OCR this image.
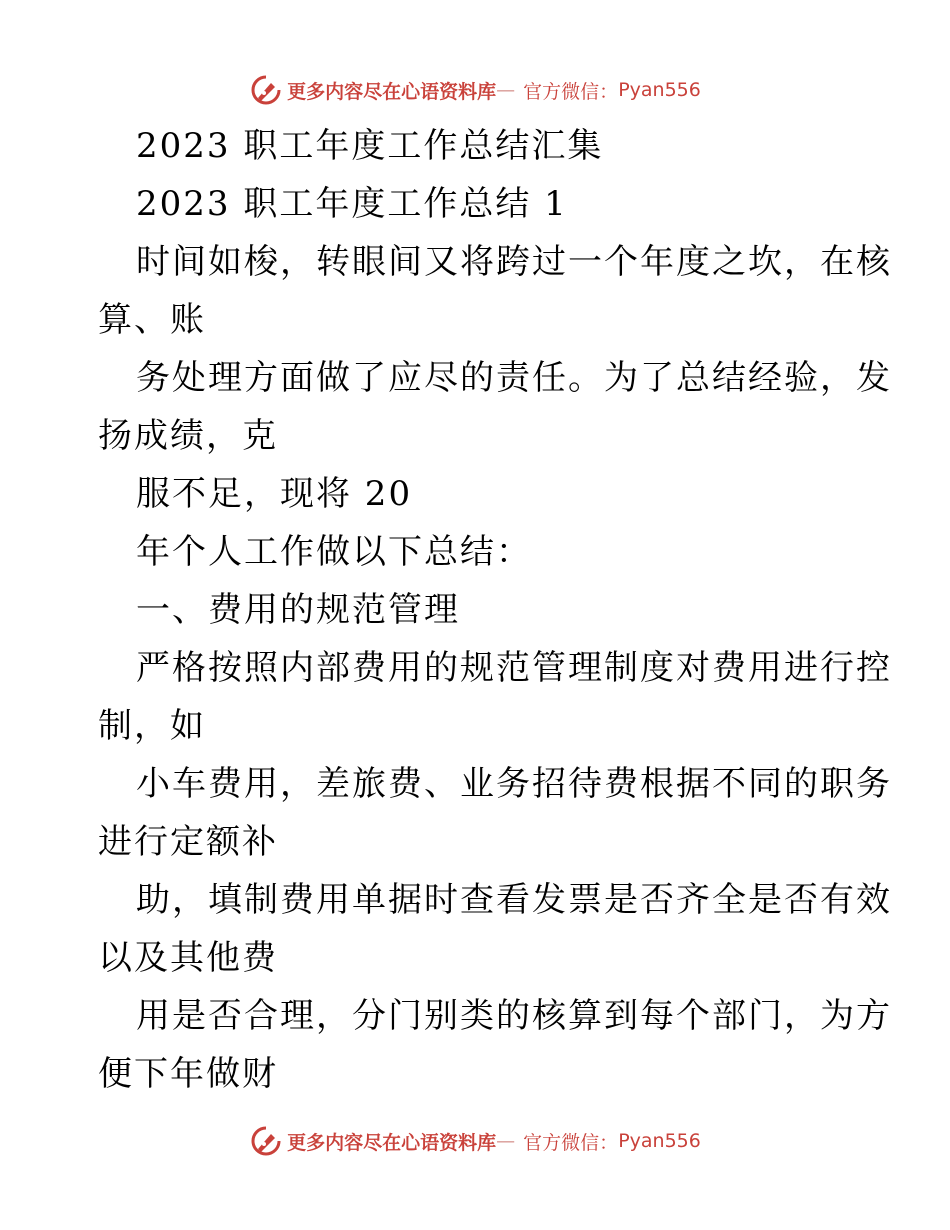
更多内容尽在心语资料库 — 官方微信： Pyan556

2023 职工年度工作总结汇集

2023 职工年度工作总结 1

时间如梭，转眼间又将跨过一个年度之坎，在核

算、账

务处理方面做了应尽的责任。为了总结经验，发

扬成绩，克

服不足，现将 20

年个人工作做以下总结：

一、费用的规范管理

严格按照内部费用的规范管理制度对费用进行控

制，如

小车费用，差旅费、业务招待费根据不同的职务

进行定额补

助，填制费用单据时查看发票是否齐全是否有效

以及其他费

用是否合理，分门别类的核算到每个部门，为方

便下年做财

更多内容尽在心语资料库 — 官方微信： Pyan556
